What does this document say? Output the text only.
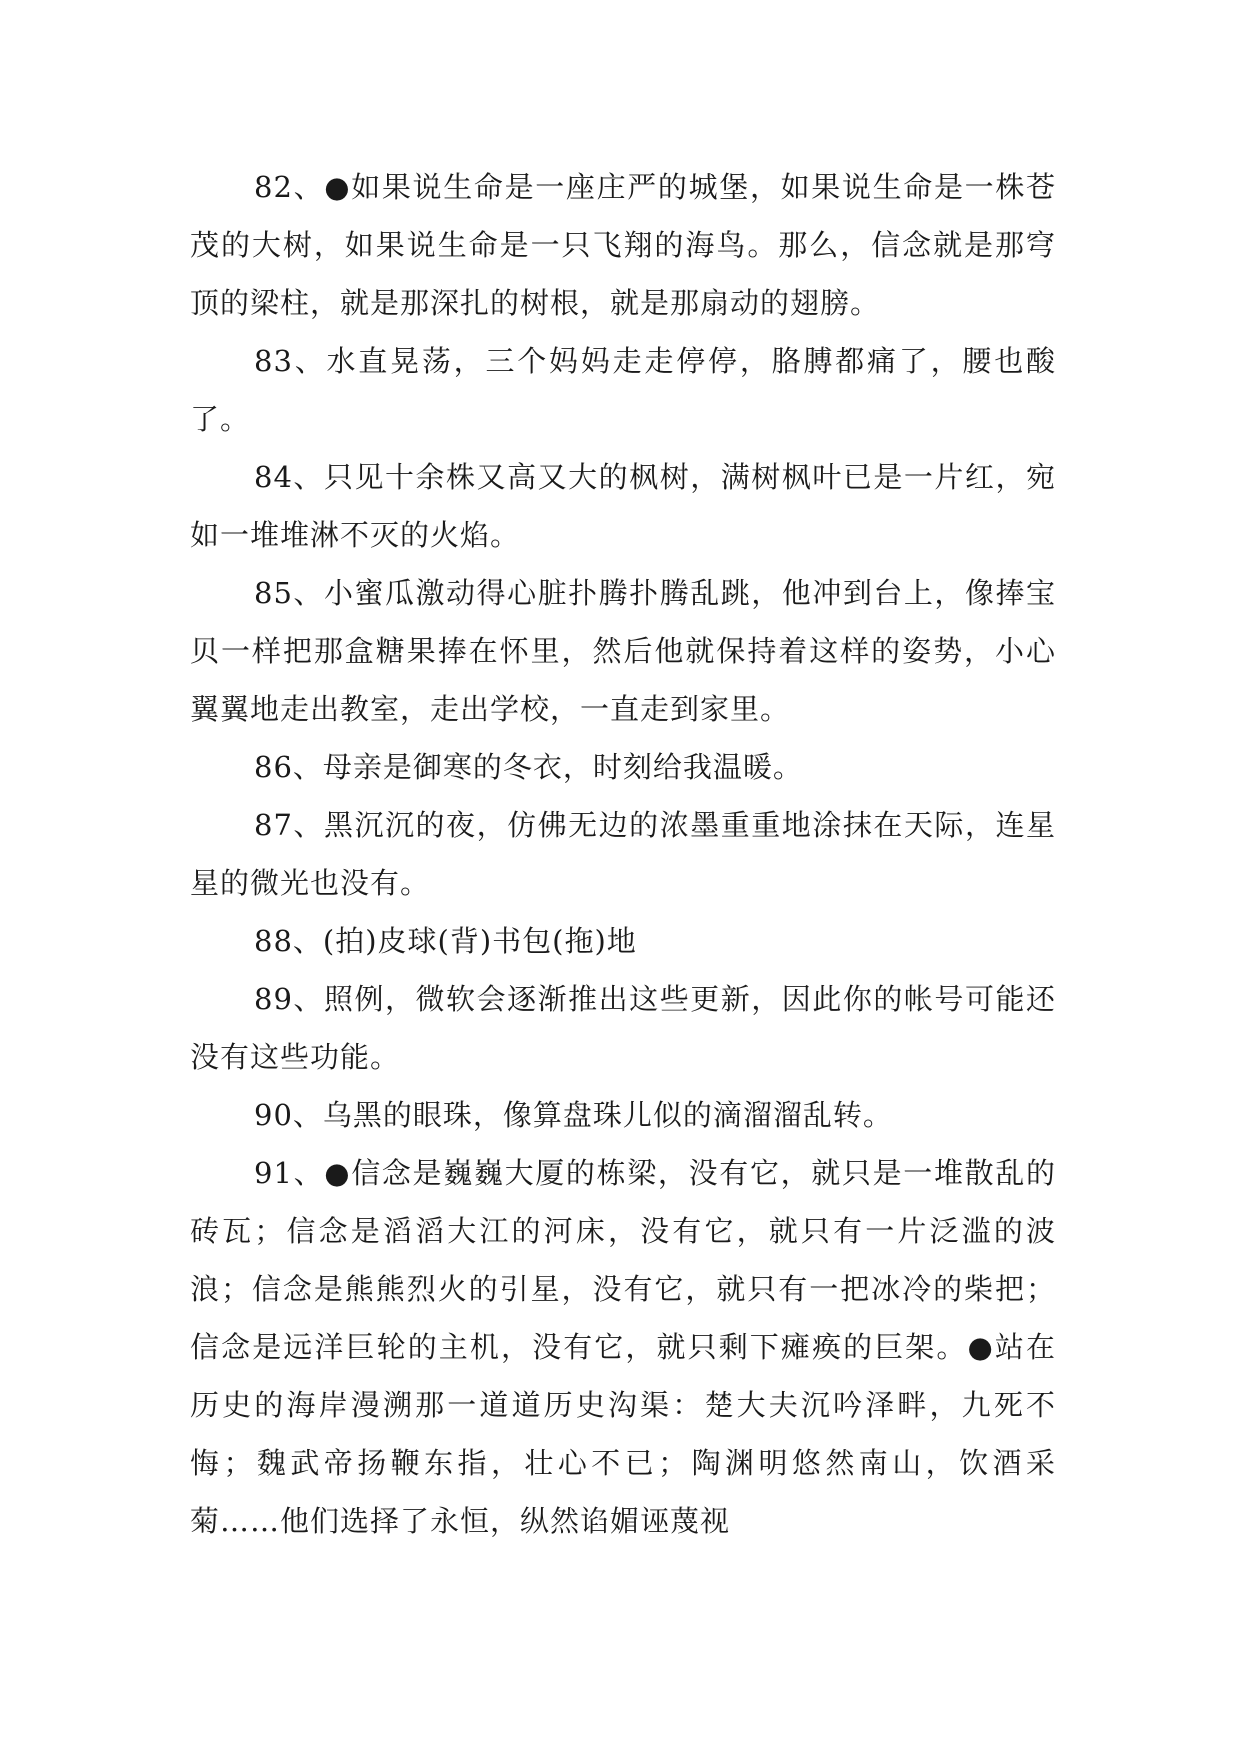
82、●如果说生命是一座庄严的城堡，如果说生命是一株苍茂的大树，如果说生命是一只飞翔的海鸟。那么，信念就是那穹顶的梁柱，就是那深扎的树根，就是那扇动的翅膀。

83、水直晃荡，三个妈妈走走停停，胳膊都痛了，腰也酸了。

84、只见十余株又高又大的枫树，满树枫叶已是一片红，宛如一堆堆淋不灭的火焰。

85、小蜜瓜激动得心脏扑腾扑腾乱跳，他冲到台上，像捧宝贝一样把那盒糖果捧在怀里，然后他就保持着这样的姿势，小心翼翼地走出教室，走出学校，一直走到家里。

86、母亲是御寒的冬衣，时刻给我温暖。

87、黑沉沉的夜，仿佛无边的浓墨重重地涂抹在天际，连星星的微光也没有。

88、(拍)皮球(背)书包(拖)地

89、照例，微软会逐渐推出这些更新，因此你的帐号可能还没有这些功能。

90、乌黑的眼珠，像算盘珠儿似的滴溜溜乱转。

91、●信念是巍巍大厦的栋梁，没有它，就只是一堆散乱的砖瓦；信念是滔滔大江的河床，没有它，就只有一片泛滥的波浪；信念是熊熊烈火的引星，没有它，就只有一把冰冷的柴把；信念是远洋巨轮的主机，没有它，就只剩下瘫痪的巨架。●站在历史的海岸漫溯那一道道历史沟渠：楚大夫沉吟泽畔，九死不悔；魏武帝扬鞭东指，壮心不已；陶渊明悠然南山，饮酒采菊……他们选择了永恒，纵然谄媚诬蔑视
